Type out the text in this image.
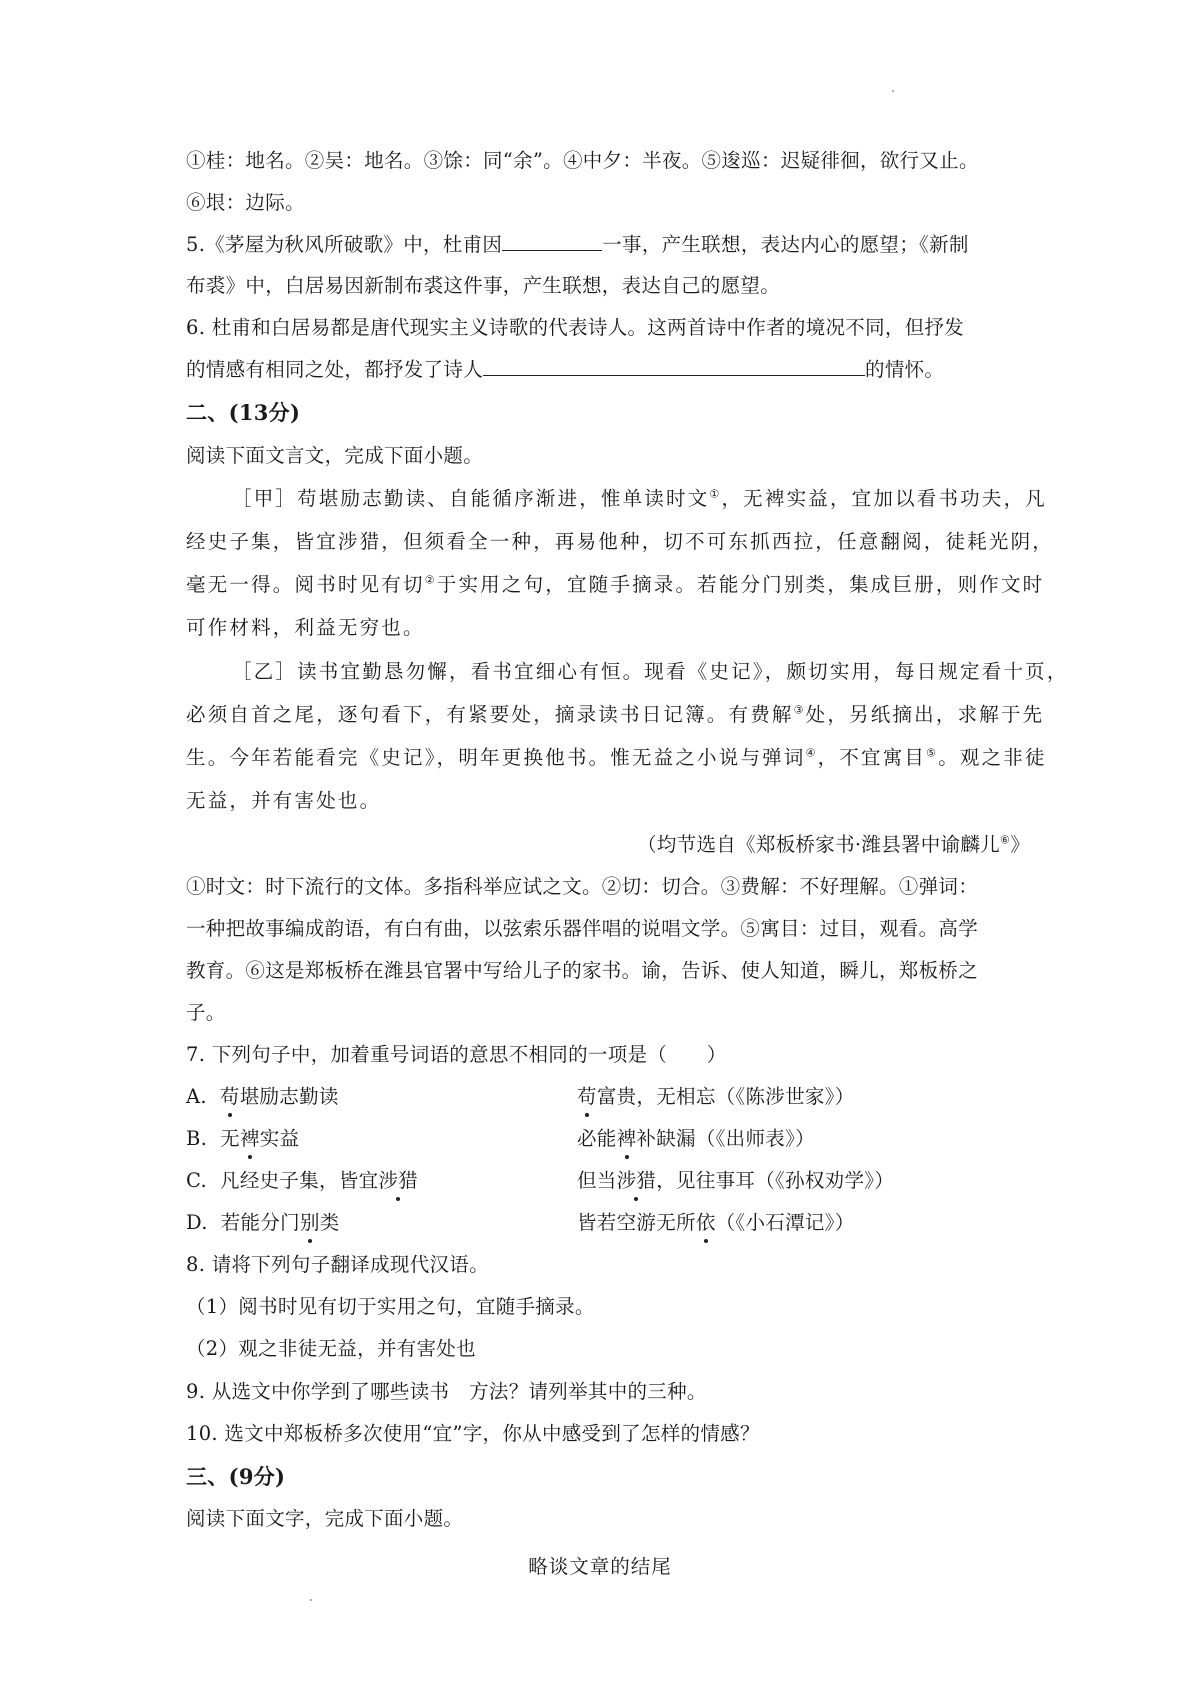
①桂：地名。②吴：地名。③馀：同“余”。④中夕：半夜。⑤逡巡：迟疑徘徊，欲行又止。
⑥垠：边际。
5.《茅屋为秋风所破歌》中，杜甫因	一事，产生联想，表达内心的愿望；《新制
布裘》中，白居易因新制布裘这件事，产生联想，表达自己的愿望。
6. 杜甫和白居易都是唐代现实主义诗歌的代表诗人。这两首诗中作者的境况不同，但抒发
的情感有相同之处，都抒发了诗人	的情怀。
二、(13分)
阅读下面文言文，完成下面小题。
［甲］苟堪励志勤读、自能循序渐进，惟单读时文①，无裨实益，宜加以看书功夫，凡
经史子集，皆宜涉猎，但须看全一种，再易他种，切不可东抓西拉，任意翻阅，徒耗光阴，
毫无一得。阅书时见有切②于实用之句，宜随手摘录。若能分门别类，集成巨册，则作文时
可作材料，利益无穷也。
［乙］读书宜勤恳勿懈，看书宜细心有恒。现看《史记》，颇切实用，每日规定看十页，
必须自首之尾，逐句看下，有紧要处，摘录读书日记簿。有费解③处，另纸摘出，求解于先
生。今年若能看完《史记》，明年更换他书。惟无益之小说与弹词④，不宜寓目⑤。观之非徒
无益，并有害处也。
（均节选自《郑板桥家书·潍县署中谕麟儿⑥》
①时文：时下流行的文体。多指科举应试之文。②切：切合。③费解：不好理解。①弹词：
一种把故事编成韵语，有白有曲，以弦索乐器伴唱的说唱文学。⑤寓目：过目，观看。高学
教育。⑥这是郑板桥在潍县官署中写给儿子的家书。谕，告诉、使人知道，瞬儿，郑板桥之
子。
7. 下列句子中，加着重号词语的意思不相同的一项是（　　）
A. 苟堪励志勤读	苟富贵，无相忘（《陈涉世家》）
B. 无裨实益	必能裨补缺漏（《出师表》）
C. 凡经史子集，皆宜涉猎	但当涉猎，见往事耳（《孙权劝学》）
D. 若能分门别类	皆若空游无所依（《小石潭记》）
8. 请将下列句子翻译成现代汉语。
（1）阅书时见有切于实用之句，宜随手摘录。
（2）观之非徒无益，并有害处也
9. 从选文中你学到了哪些读书　方法？请列举其中的三种。
10. 选文中郑板桥多次使用“宜”字，你从中感受到了怎样的情感？
三、(9分)
阅读下面文字，完成下面小题。
略谈文章的结尾
